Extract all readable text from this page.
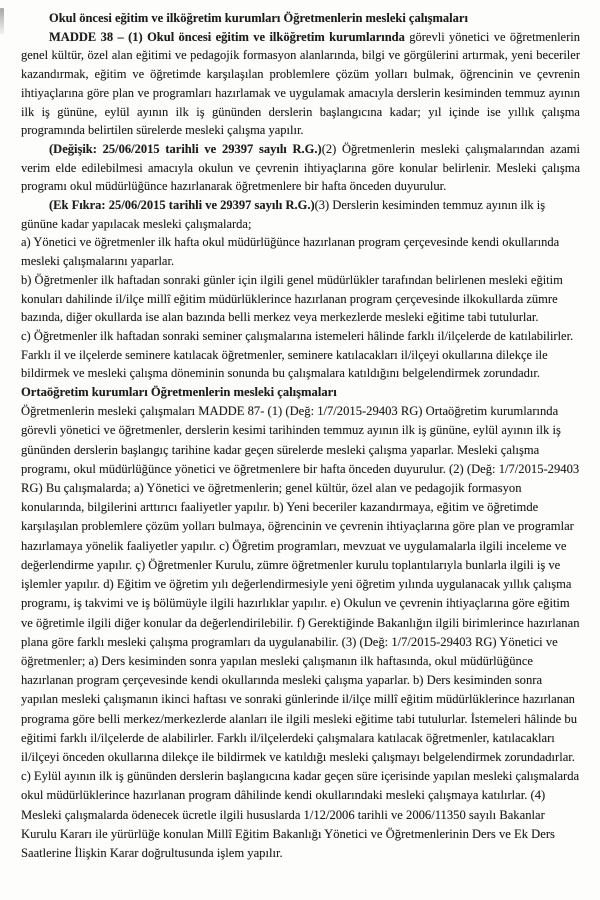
Okul öncesi eğitim ve ilköğretim kurumları Öğretmenlerin mesleki çalışmaları

MADDE 38 – (1) Okul öncesi eğitim ve ilköğretim kurumlarında görevli yönetici ve öğretmenlerin genel kültür, özel alan eğitimi ve pedagojik formasyon alanlarında, bilgi ve görgülerini artırmak, yeni beceriler kazandırmak, eğitim ve öğretimde karşılaşılan problemlere çözüm yolları bulmak, öğrencinin ve çevrenin ihtiyaçlarına göre plan ve programları hazırlamak ve uygulamak amacıyla derslerin kesiminden temmuz ayının ilk iş gününe, eylül ayının ilk iş gününden derslerin başlangıcına kadar; yıl içinde ise yıllık çalışma programında belirtilen sürelerde mesleki çalışma yapılır.

(Değişik: 25/06/2015 tarihli ve 29397 sayılı R.G.)(2) Öğretmenlerin mesleki çalışmalarından azami verim elde edilebilmesi amacıyla okulun ve çevrenin ihtiyaçlarına göre konular belirlenir. Mesleki çalışma programı okul müdürlüğünce hazırlanarak öğretmenlere bir hafta önceden duyurulur.

(Ek Fıkra: 25/06/2015 tarihli ve 29397 sayılı R.G.)(3) Derslerin kesiminden temmuz ayının ilk iş gününe kadar yapılacak mesleki çalışmalarda;

a) Yönetici ve öğretmenler ilk hafta okul müdürlüğünce hazırlanan program çerçevesinde kendi okullarında mesleki çalışmalarını yaparlar.

b) Öğretmenler ilk haftadan sonraki günler için ilgili genel müdürlükler tarafından belirlenen mesleki eğitim konuları dahilinde il/ilçe millî eğitim müdürlüklerince hazırlanan program çerçevesinde ilkokullarda zümre bazında, diğer okullarda ise alan bazında belli merkez veya merkezlerde mesleki eğitime tabi tutulurlar.

c) Öğretmenler ilk haftadan sonraki seminer çalışmalarına istemeleri hâlinde farklı il/ilçelerde de katılabilirler. Farklı il ve ilçelerde seminere katılacak öğretmenler, seminere katılacakları il/ilçeyi okullarına dilekçe ile bildirmek ve mesleki çalışma döneminin sonunda bu çalışmalara katıldığını belgelendirmek zorundadır.

Ortaöğretim kurumları Öğretmenlerin mesleki çalışmaları

Öğretmenlerin mesleki çalışmaları MADDE 87- (1) (Değ: 1/7/2015-29403 RG) Ortaöğretim kurumlarında görevli yönetici ve öğretmenler, derslerin kesimi tarihinden temmuz ayının ilk iş gününe, eylül ayının ilk iş gününden derslerin başlangıç tarihine kadar geçen sürelerde mesleki çalışma yaparlar. Mesleki çalışma programı, okul müdürlüğünce yönetici ve öğretmenlere bir hafta önceden duyurulur. (2) (Değ: 1/7/2015-29403 RG) Bu çalışmalarda; a) Yönetici ve öğretmenlerin; genel kültür, özel alan ve pedagojik formasyon konularında, bilgilerini arttırıcı faaliyetler yapılır. b) Yeni beceriler kazandırmaya, eğitim ve öğretimde karşılaşılan problemlere çözüm yolları bulmaya, öğrencinin ve çevrenin ihtiyaçlarına göre plan ve programlar hazırlamaya yönelik faaliyetler yapılır. c) Öğretim programları, mevzuat ve uygulamalarla ilgili inceleme ve değerlendirme yapılır. ç) Öğretmenler Kurulu, zümre öğretmenler kurulu toplantılarıyla bunlarla ilgili iş ve işlemler yapılır. d) Eğitim ve öğretim yılı değerlendirmesiyle yeni öğretim yılında uygulanacak yıllık çalışma programı, iş takvimi ve iş bölümüyle ilgili hazırlıklar yapılır. e) Okulun ve çevrenin ihtiyaçlarına göre eğitim ve öğretimle ilgili diğer konular da değerlendirilebilir. f) Gerektiğinde Bakanlığın ilgili birimlerince hazırlanan plana göre farklı mesleki çalışma programları da uygulanabilir. (3) (Değ: 1/7/2015-29403 RG) Yönetici ve öğretmenler; a) Ders kesiminden sonra yapılan mesleki çalışmanın ilk haftasında, okul müdürlüğünce hazırlanan program çerçevesinde kendi okullarında mesleki çalışma yaparlar. b) Ders kesiminden sonra yapılan mesleki çalışmanın ikinci haftası ve sonraki günlerinde il/ilçe millî eğitim müdürlüklerince hazırlanan programa göre belli merkez/merkezlerde alanları ile ilgili mesleki eğitime tabi tutulurlar. İstemeleri hâlinde bu eğitimi farklı il/ilçelerde de alabilirler. Farklı il/ilçelerdeki çalışmalara katılacak öğretmenler, katılacakları il/ilçeyi önceden okullarına dilekçe ile bildirmek ve katıldığı mesleki çalışmayı belgelendirmek zorundadırlar. c) Eylül ayının ilk iş gününden derslerin başlangıcına kadar geçen süre içerisinde yapılan mesleki çalışmalarda okul müdürlüklerince hazırlanan program dâhilinde kendi okullarındaki mesleki çalışmaya katılırlar. (4) Mesleki çalışmalarda ödenecek ücretle ilgili hususlarda 1/12/2006 tarihli ve 2006/11350 sayılı Bakanlar Kurulu Kararı ile yürürlüğe konulan Millî Eğitim Bakanlığı Yönetici ve Öğretmenlerinin Ders ve Ek Ders Saatlerine İlişkin Karar doğrultusunda işlem yapılır.
